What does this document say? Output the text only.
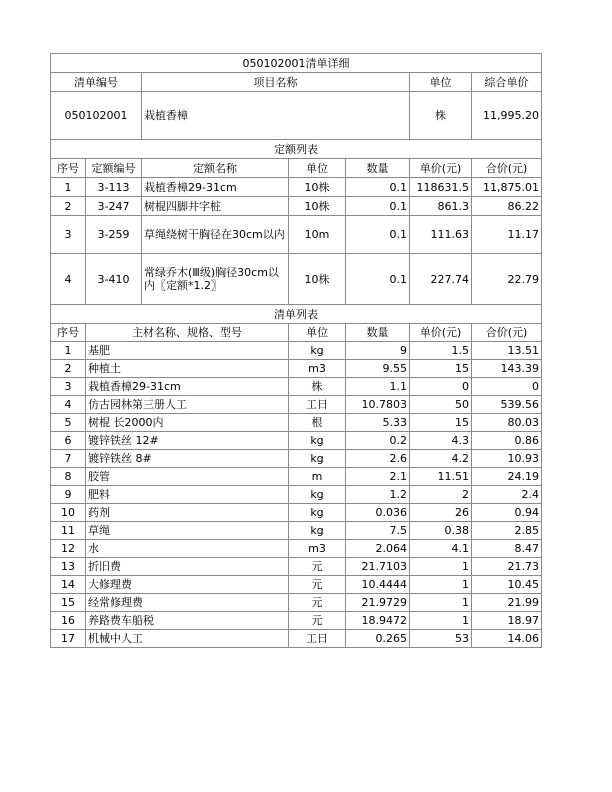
050102001清单详细						
清单编号		项目名称			单位	综合单价
050102001		栽植香樟			株	11,995.20
定额列表						
序号	定额编号	定额名称	单位	数量	单价(元)	合价(元)
1	3-113	栽植香樟29-31cm	10株	0.1	118631.5	11,875.01
2	3-247	树棍四脚井字桩	10株	0.1	861.3	86.22
3	3-259	草绳绕树干胸径在30cm以内	10m	0.1	111.63	11.17
4	3-410	常绿乔木(Ⅲ级)胸径30cm以内〖定额*1.2〗	10株	0.1	227.74	22.79
清单列表						
序号	主材名称、规格、型号		单位	数量	单价(元)	合价(元)
1	基肥		kg	9	1.5	13.51
2	种植土		m3	9.55	15	143.39
3	栽植香樟29-31cm		株	1.1	0	0
4	仿古园林第三册人工		工日	10.7803	50	539.56
5	树棍 长2000内		根	5.33	15	80.03
6	镀锌铁丝 12#		kg	0.2	4.3	0.86
7	镀锌铁丝 8#		kg	2.6	4.2	10.93
8	胶管		m	2.1	11.51	24.19
9	肥料		kg	1.2	2	2.4
10	药剂		kg	0.036	26	0.94
11	草绳		kg	7.5	0.38	2.85
12	水		m3	2.064	4.1	8.47
13	折旧费		元	21.7103	1	21.73
14	大修理费		元	10.4444	1	10.45
15	经常修理费		元	21.9729	1	21.99
16	养路费车船税		元	18.9472	1	18.97
17	机械中人工		工日	0.265	53	14.06
